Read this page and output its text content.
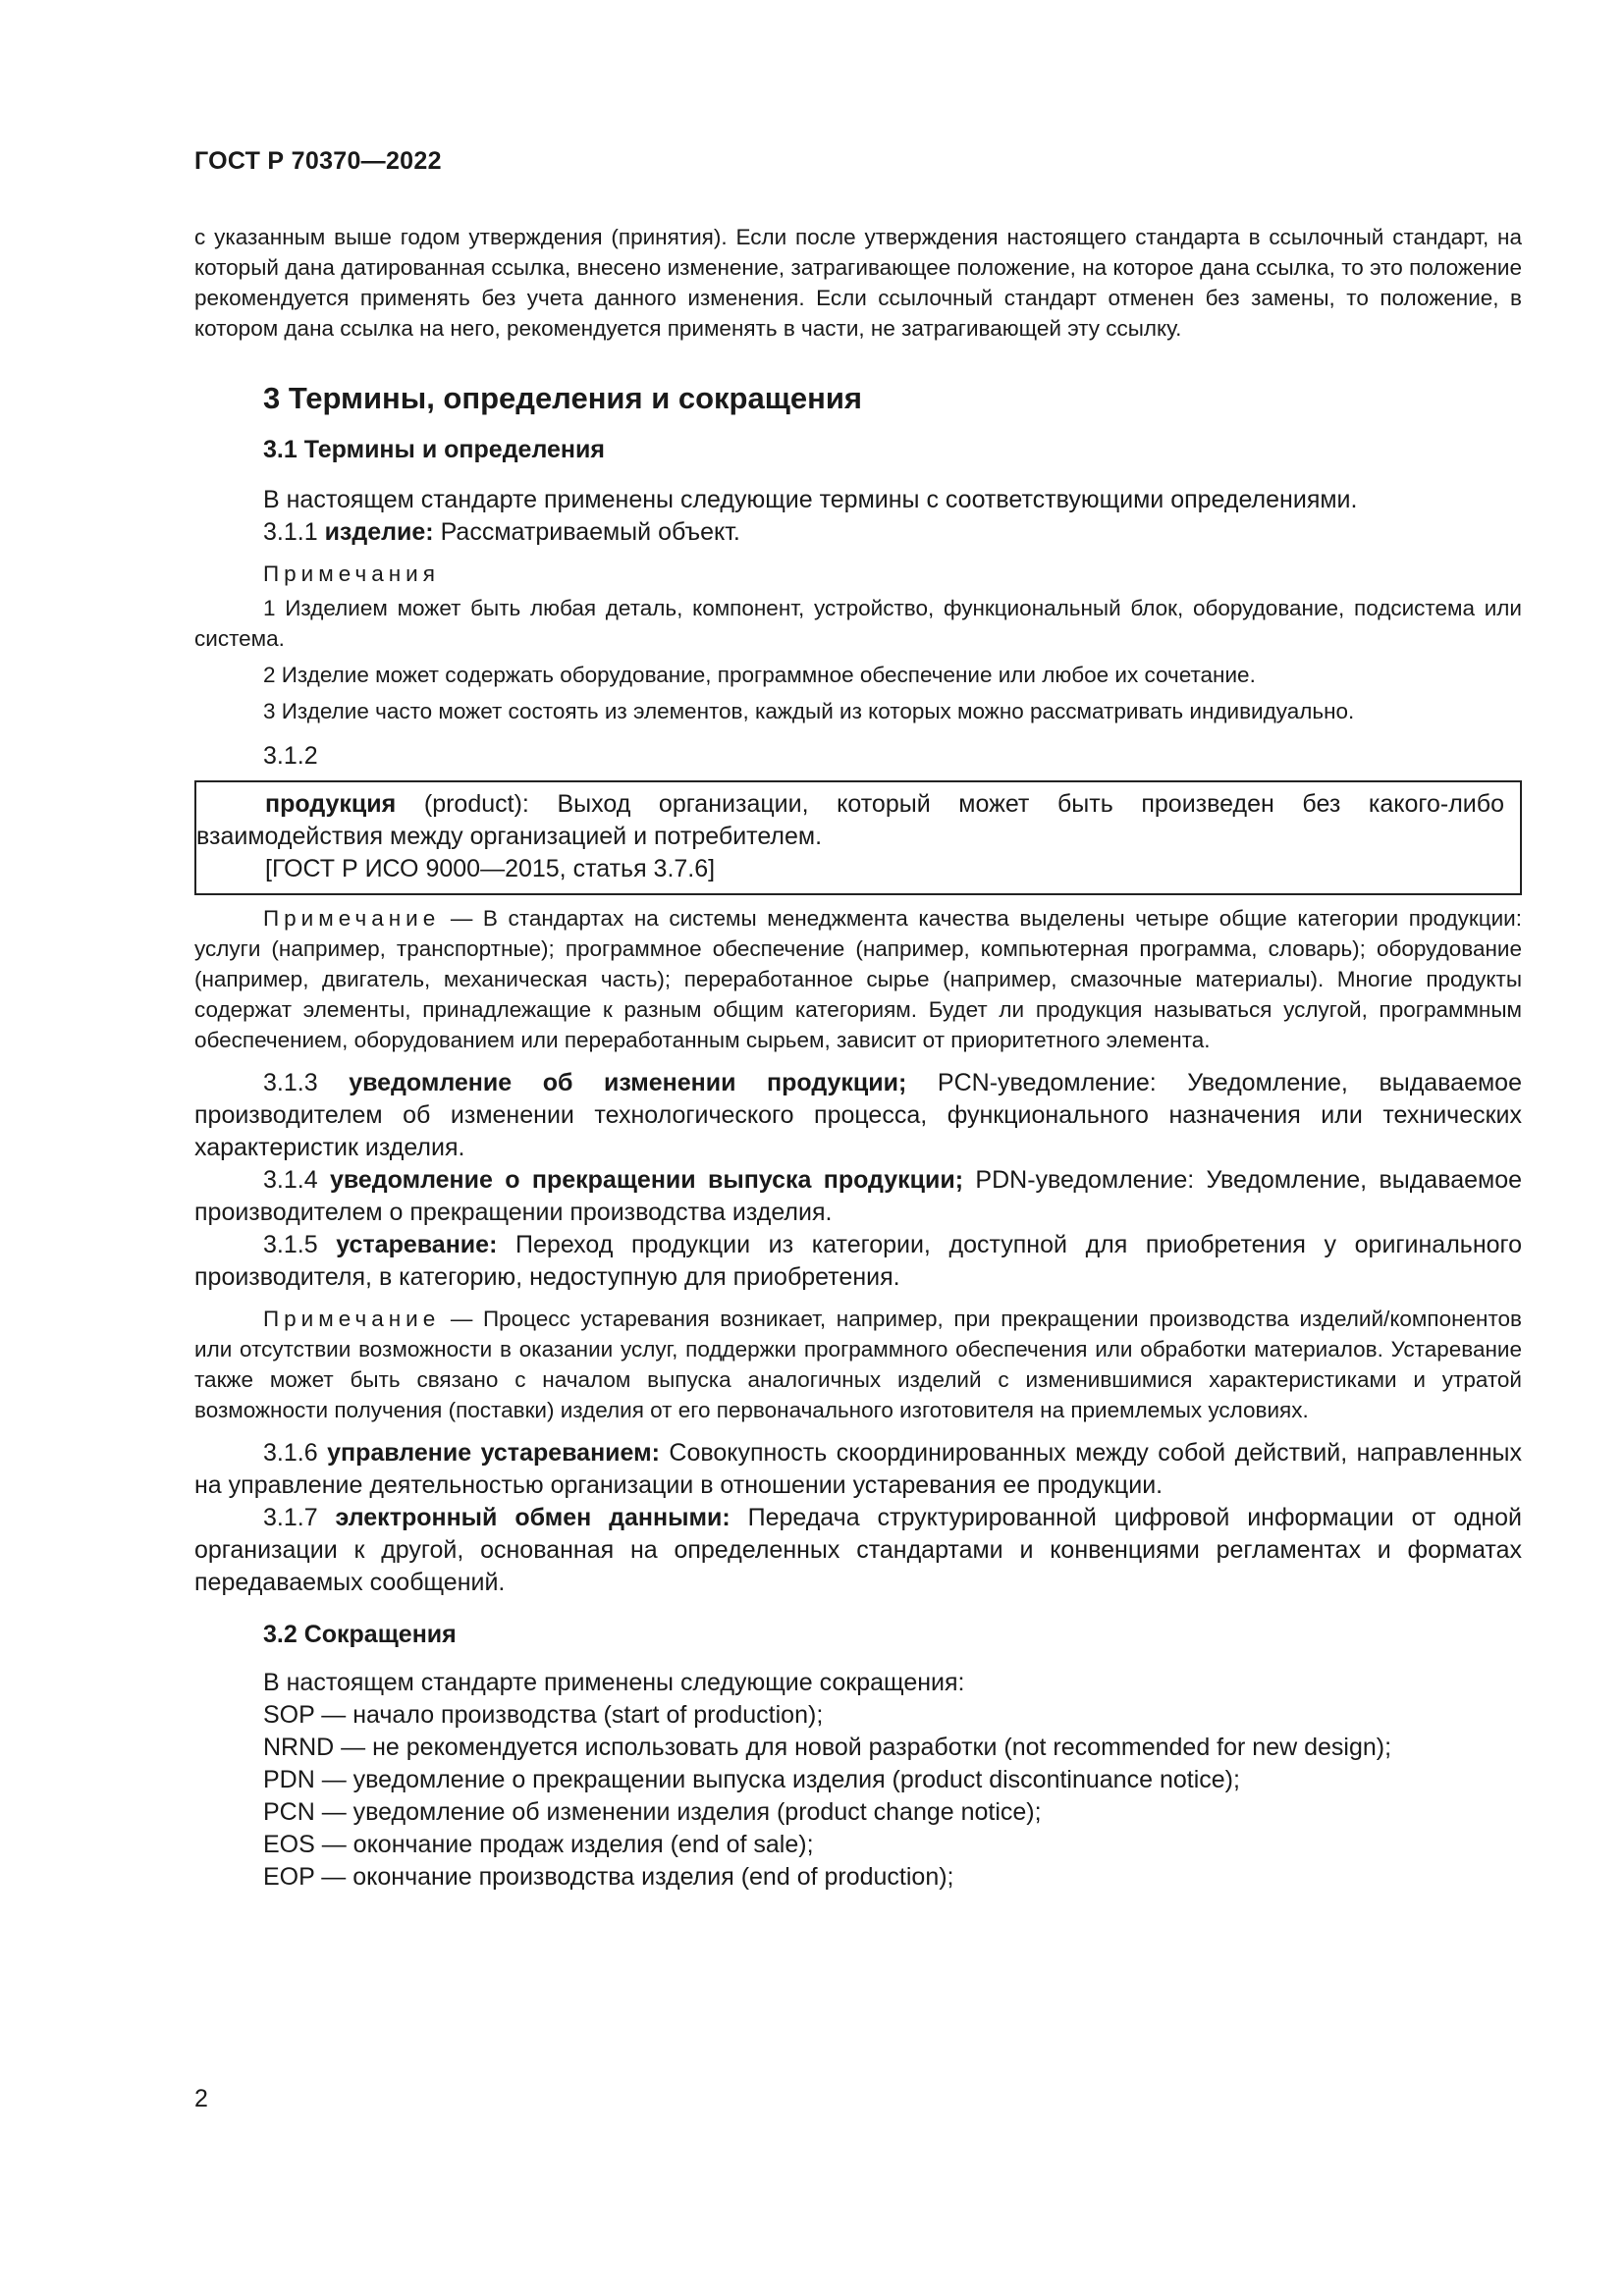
ГОСТ Р 70370—2022

с указанным выше годом утверждения (принятия). Если после утверждения настоящего стандарта в ссылочный стандарт, на который дана датированная ссылка, внесено изменение, затрагивающее положение, на которое дана ссылка, то это положение рекомендуется применять без учета данного изменения. Если ссылочный стандарт отменен без замены, то положение, в котором дана ссылка на него, рекомендуется применять в части, не затрагивающей эту ссылку.

3 Термины, определения и сокращения
3.1 Термины и определения

В настоящем стандарте применены следующие термины с соответствующими определениями.

3.1.1 изделие: Рассматриваемый объект.

Примечания

1 Изделием может быть любая деталь, компонент, устройство, функциональный блок, оборудование, подсистема или система.

2 Изделие может содержать оборудование, программное обеспечение или любое их сочетание.

3 Изделие часто может состоять из элементов, каждый из которых можно рассматривать индивидуально.

3.1.2

продукция (product): Выход организации, который может быть произведен без какого-либо взаимодействия между организацией и потребителем.

[ГОСТ Р ИСО 9000—2015, статья 3.7.6]

Примечание — В стандартах на системы менеджмента качества выделены четыре общие категории продукции: услуги (например, транспортные); программное обеспечение (например, компьютерная программа, словарь); оборудование (например, двигатель, механическая часть); переработанное сырье (например, смазочные материалы). Многие продукты содержат элементы, принадлежащие к разным общим категориям. Будет ли продукция называться услугой, программным обеспечением, оборудованием или переработанным сырьем, зависит от приоритетного элемента.

3.1.3 уведомление об изменении продукции; PCN-уведомление: Уведомление, выдаваемое производителем об изменении технологического процесса, функционального назначения или технических характеристик изделия.

3.1.4 уведомление о прекращении выпуска продукции; PDN-уведомление: Уведомление, выдаваемое производителем о прекращении производства изделия.

3.1.5 устаревание: Переход продукции из категории, доступной для приобретения у оригинального производителя, в категорию, недоступную для приобретения.

Примечание — Процесс устаревания возникает, например, при прекращении производства изделий/компонентов или отсутствии возможности в оказании услуг, поддержки программного обеспечения или обработки материалов. Устаревание также может быть связано с началом выпуска аналогичных изделий с изменившимися характеристиками и утратой возможности получения (поставки) изделия от его первоначального изготовителя на приемлемых условиях.

3.1.6 управление устареванием: Совокупность скоординированных между собой действий, направленных на управление деятельностью организации в отношении устаревания ее продукции.

3.1.7 электронный обмен данными: Передача структурированной цифровой информации от одной организации к другой, основанная на определенных стандартами и конвенциями регламентах и форматах передаваемых сообщений.

3.2 Сокращения

В настоящем стандарте применены следующие сокращения:

SOP — начало производства (start of production);

NRND — не рекомендуется использовать для новой разработки (not recommended for new design);

PDN — уведомление о прекращении выпуска изделия (product discontinuance notice);

PCN — уведомление об изменении изделия (product change notice);

EOS — окончание продаж изделия (end of sale);

EOP — окончание производства изделия (end of production);

2
